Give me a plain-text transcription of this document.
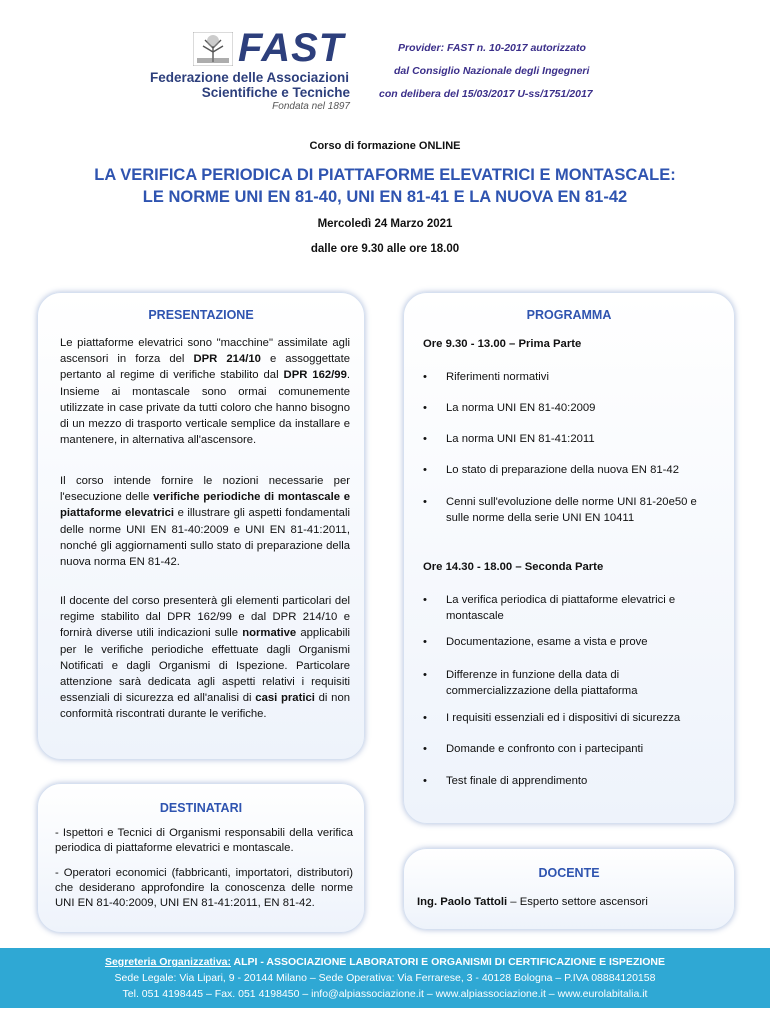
FAST
Federazione delle Associazioni
Scientifiche e Tecniche
Fondata nel 1897
Provider: FAST n. 10-2017 autorizzato
dal Consiglio Nazionale degli Ingegneri
con delibera del 15/03/2017 U-ss/1751/2017
Corso di formazione ONLINE
LA VERIFICA PERIODICA DI PIATTAFORME ELEVATRICI E MONTASCALE:
LE NORME UNI EN 81-40, UNI EN 81-41 E LA NUOVA EN 81-42
Mercoledì 24 Marzo 2021
dalle ore 9.30 alle ore 18.00
PRESENTAZIONE
Le piattaforme elevatrici sono "macchine" assimilate agli ascensori in forza del DPR 214/10 e assoggettate pertanto al regime di verifiche stabilito dal DPR 162/99. Insieme ai montascale sono ormai comunemente utilizzate in case private da tutti coloro che hanno bisogno di un mezzo di trasporto verticale semplice da installare e mantenere, in alternativa all'ascensore.
Il corso intende fornire le nozioni necessarie per l'esecuzione delle verifiche periodiche di montascale e piattaforme elevatrici e illustrare gli aspetti fondamentali delle norme UNI EN 81-40:2009 e UNI EN 81-41:2011, nonché gli aggiornamenti sullo stato di preparazione della nuova norma EN 81-42.
Il docente del corso presenterà gli elementi particolari del regime stabilito dal DPR 162/99 e dal DPR 214/10 e fornirà diverse utili indicazioni sulle normative applicabili per le verifiche periodiche effettuate dagli Organismi Notificati e dagli Organismi di Ispezione. Particolare attenzione sarà dedicata agli aspetti relativi i requisiti essenziali di sicurezza ed all'analisi di casi pratici di non conformità riscontrati durante le verifiche.
PROGRAMMA
Ore 9.30 - 13.00 – Prima Parte
• Riferimenti normativi
• La norma UNI EN 81-40:2009
• La norma UNI EN 81-41:2011
• Lo stato di preparazione della nuova EN 81-42
• Cenni sull'evoluzione delle norme UNI 81-20e50 e sulle norme della serie UNI EN 10411
Ore 14.30 - 18.00 – Seconda Parte
• La verifica periodica di piattaforme elevatrici e montascale
• Documentazione, esame a vista e prove
• Differenze in funzione della data di commercializzazione della piattaforma
• I requisiti essenziali ed i dispositivi di sicurezza
• Domande e confronto con i partecipanti
• Test finale di apprendimento
DESTINATARI
- Ispettori e Tecnici di Organismi responsabili della verifica periodica di piattaforme elevatrici e montascale.
- Operatori economici (fabbricanti, importatori, distributori) che desiderano approfondire la conoscenza delle norme UNI EN 81-40:2009, UNI EN 81-41:2011, EN 81-42.
DOCENTE
Ing. Paolo Tattoli – Esperto settore ascensori
Segreteria Organizzativa: ALPI - ASSOCIAZIONE LABORATORI E ORGANISMI DI CERTIFICAZIONE E ISPEZIONE
Sede Legale: Via Lipari, 9 - 20144 Milano – Sede Operativa: Via Ferrarese, 3 - 40128 Bologna – P.IVA 08884120158
Tel. 051 4198445 – Fax. 051 4198450 – info@alpiassociazione.it – www.alpiassociazione.it – www.eurolabitalia.it
